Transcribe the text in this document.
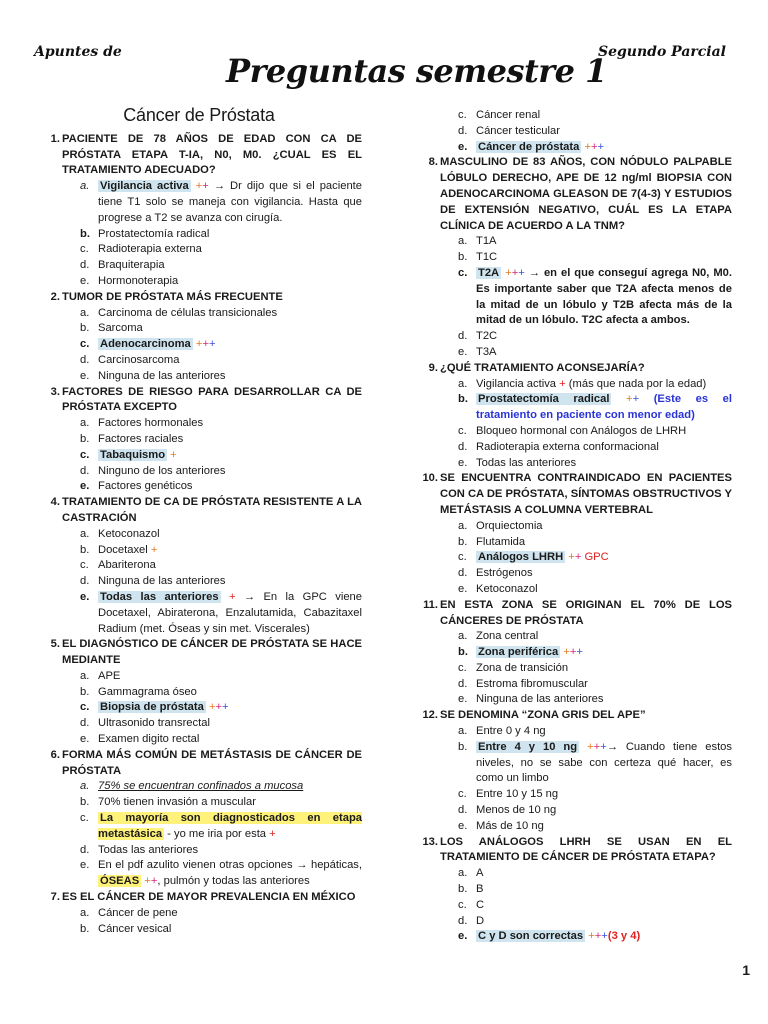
Apuntes de	Segundo Parcial
Preguntas semestre 1
Cáncer de Próstata
1. PACIENTE DE 78 AÑOS DE EDAD CON CA DE PRÓSTATA ETAPA T-IA, N0, M0. ¿CUAL ES EL TRATAMIENTO ADECUADO?
a. Vigilancia activa ++ → Dr dijo que si el paciente tiene T1 solo se maneja con vigilancia. Hasta que progrese a T2 se avanza con cirugía.
b. Prostatectomía radical
c. Radioterapia externa
d. Braquiterapia
e. Hormonoterapia
2. TUMOR DE PRÓSTATA MÁS FRECUENTE
a. Carcinoma de células transicionales
b. Sarcoma
c. Adenocarcinoma +++
d. Carcinosarcoma
e. Ninguna de las anteriores
3. FACTORES DE RIESGO PARA DESARROLLAR CA DE PRÓSTATA EXCEPTO
a. Factores hormonales
b. Factores raciales
c. Tabaquismo +
d. Ninguno de los anteriores
e. Factores genéticos
4. TRATAMIENTO DE CA DE PRÓSTATA RESISTENTE A LA CASTRACIÓN
a. Ketoconazol
b. Docetaxel +
c. Abariterona
d. Ninguna de las anteriores
e. Todas las anteriores + → En la GPC viene Docetaxel, Abiraterona, Enzalutamida, Cabazitaxel Radium (met. Óseas y sin met. Viscerales)
5. EL DIAGNÓSTICO DE CÁNCER DE PRÓSTATA SE HACE MEDIANTE
a. APE
b. Gammagrama óseo
c. Biopsia de próstata +++
d. Ultrasonido transrectal
e. Examen digito rectal
6. FORMA MÁS COMÚN DE METÁSTASIS DE CÁNCER DE PRÓSTATA
a. 75% se encuentran confinados a mucosa
b. 70% tienen invasión a muscular
c.	La mayoría son diagnosticados en etapa metastásica - yo me iria por esta +
d. Todas las anteriores
e. En el pdf azulito vienen otras opciones → hepáticas, ÓSEAS ++, pulmón y todas las anteriores
7. ES EL CÁNCER DE MAYOR PREVALENCIA EN MÉXICO
a. Cáncer de pene
b. Cáncer vesical
c. Cáncer renal
d. Cáncer testicular
e. Cáncer de próstata +++
8. MASCULINO DE 83 AÑOS, CON NÓDULO PALPABLE LÓBULO DERECHO, APE DE 12 ng/ml BIOPSIA CON ADENOCARCINOMA GLEASON DE 7(4-3) Y ESTUDIOS DE EXTENSIÓN NEGATIVO, CUÁL ES LA ETAPA CLÍNICA DE ACUERDO A LA TNM?
a. T1A
b. T1C
c. T2A +++ → en el que conseguí agrega N0, M0. Es importante saber que T2A afecta menos de la mitad de un lóbulo y T2B afecta más de la mitad de un lóbulo. T2C afecta a ambos.
d. T2C
e. T3A
9. ¿QUÉ TRATAMIENTO ACONSEJARÍA?
a. Vigilancia activa + (más que nada por la edad)
b. Prostatectomía radical ++ (Este es el tratamiento en paciente con menor edad)
c. Bloqueo hormonal con Análogos de LHRH
d. Radioterapia externa conformacional
e. Todas las anteriores
10. SE ENCUENTRA CONTRAINDICADO EN PACIENTES CON CA DE PRÓSTATA, SÍNTOMAS OBSTRUCTIVOS Y METÁSTASIS A COLUMNA VERTEBRAL
a. Orquiectomia
b. Flutamida
c.	Análogos LHRH ++ GPC
d. Estrógenos
e. Ketoconazol
11. EN ESTA ZONA SE ORIGINAN EL 70% DE LOS CÁNCERES DE PRÓSTATA
a. Zona central
b. Zona periférica +++
c. Zona de transición
d. Estroma fibromuscular
e. Ninguna de las anteriores
12. SE DENOMINA “ZONA GRIS DEL APE”
a. Entre 0 y 4 ng
b. Entre 4 y 10 ng +++→ Cuando tiene estos niveles, no se sabe con certeza qué hacer, es como un limbo
c. Entre 10 y 15 ng
d. Menos de 10 ng
e. Más de 10 ng
13. LOS ANÁLOGOS LHRH SE USAN EN EL TRATAMIENTO DE CÁNCER DE PRÓSTATA ETAPA?
a. A
b. B
c. C
d. D
e. C y D son correctas +++(3 y 4)
1
